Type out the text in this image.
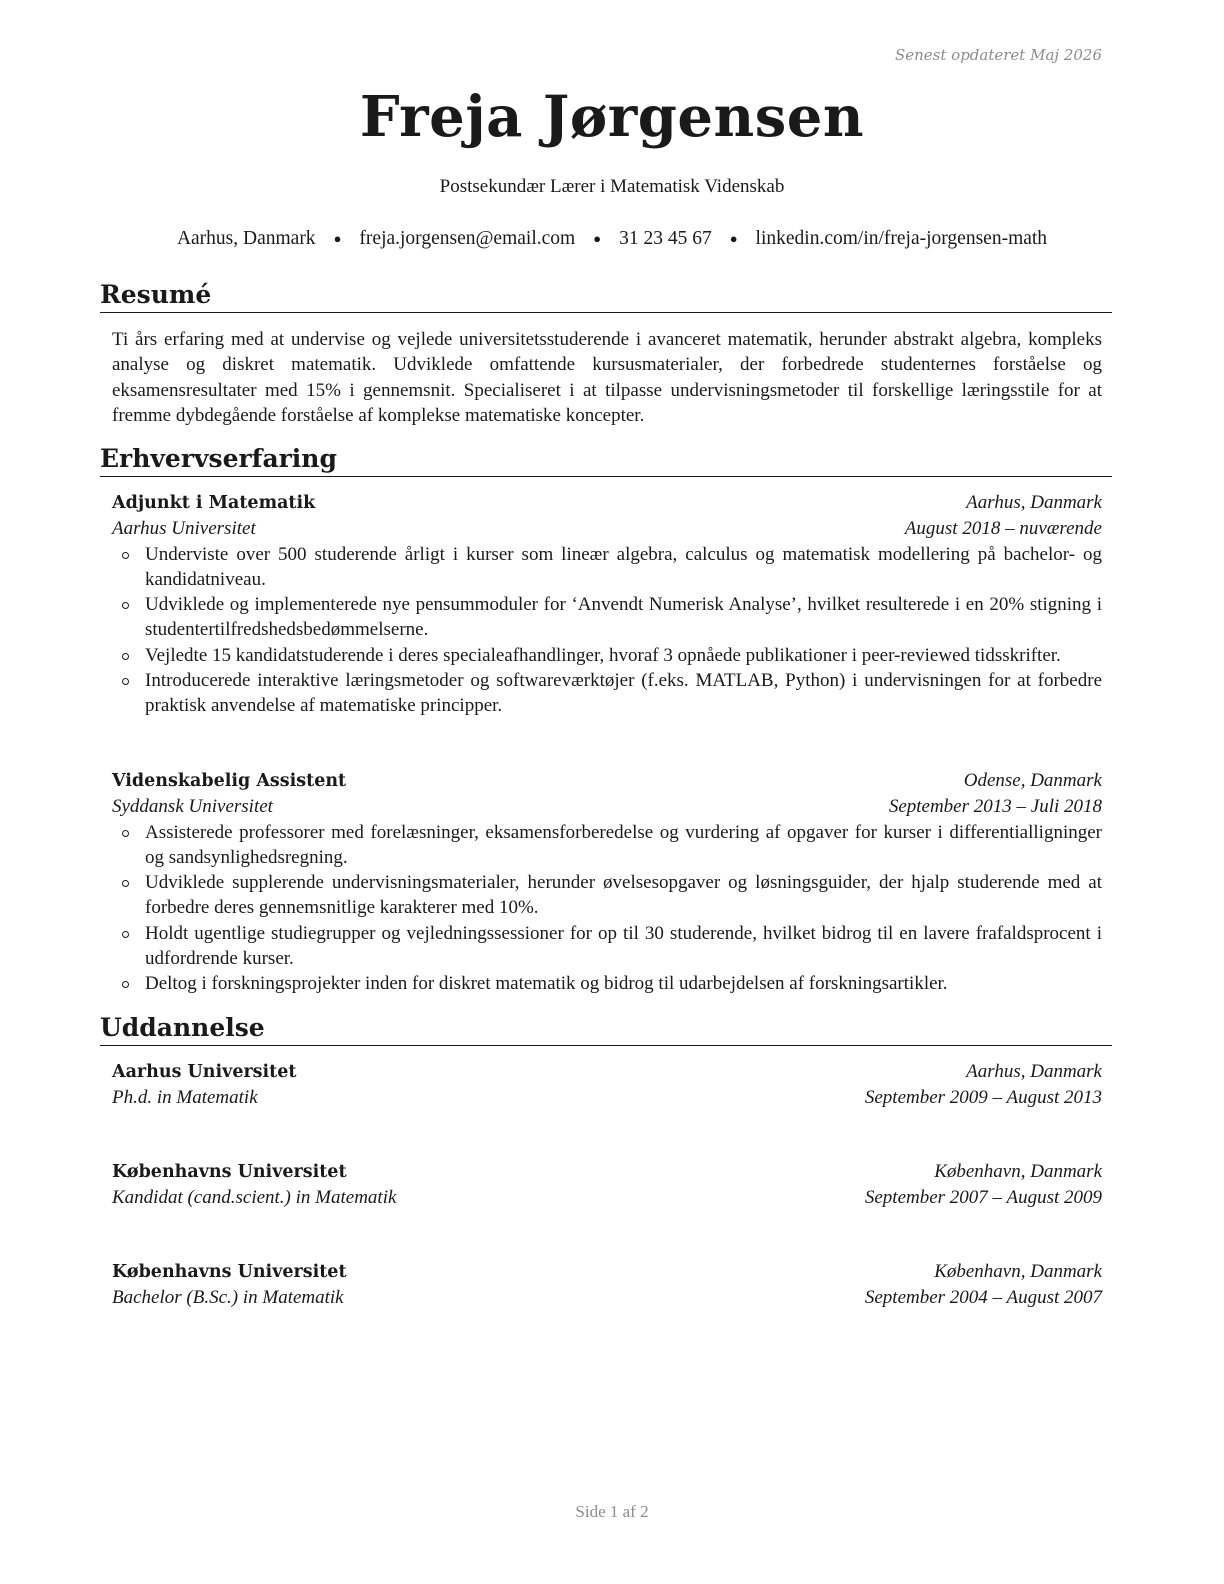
Senest opdateret Maj 2026
Freja Jørgensen
Postsekundær Lærer i Matematisk Videnskab
Aarhus, Danmark ● freja.jorgensen@email.com ● 31 23 45 67 ● linkedin.com/in/freja-jorgensen-math
Resumé
Ti års erfaring med at undervise og vejlede universitetsstuderende i avanceret matematik, herunder abstrakt algebra, kompleks analyse og diskret matematik. Udviklede omfattende kursusmaterialer, der forbedrede studenternes forståelse og eksamensresultater med 15% i gennemsnit. Specialiseret i at tilpasse undervisningsmetoder til forskellige læringsstile for at fremme dybdegående forståelse af komplekse matematiske koncepter.
Erhvervserfaring
Adjunkt i Matematik	Aarhus, Danmark
Aarhus Universitet	August 2018 – nuværende
Underviste over 500 studerende årligt i kurser som lineær algebra, calculus og matematisk modellering på bachelor- og kandidatniveau.
Udviklede og implementerede nye pensummoduler for ‘Anvendt Numerisk Analyse’, hvilket resulterede i en 20% stigning i studentertilfredshedsbedømmelserne.
Vejledte 15 kandidatstuderende i deres specialeafhandlinger, hvoraf 3 opnåede publikationer i peer-reviewed tidsskrifter.
Introducerede interaktive læringsmetoder og softwareværktøjer (f.eks. MATLAB, Python) i undervisningen for at forbedre praktisk anvendelse af matematiske principper.
Videnskabelig Assistent	Odense, Danmark
Syddansk Universitet	September 2013 – Juli 2018
Assisterede professorer med forelæsninger, eksamensforberedelse og vurdering af opgaver for kurser i differentialligninger og sandsynlighedsregning.
Udviklede supplerende undervisningsmaterialer, herunder øvelsesopgaver og løsningsguider, der hjalp studerende med at forbedre deres gennemsnitlige karakterer med 10%.
Holdt ugentlige studiegrupper og vejledningssessioner for op til 30 studerende, hvilket bidrog til en lavere frafaldsprocent i udfordrende kurser.
Deltog i forskningsprojekter inden for diskret matematik og bidrog til udarbejdelsen af forskningsartikler.
Uddannelse
Aarhus Universitet	Aarhus, Danmark
Ph.d. in Matematik	September 2009 – August 2013
Københavns Universitet	København, Danmark
Kandidat (cand.scient.) in Matematik	September 2007 – August 2009
Københavns Universitet	København, Danmark
Bachelor (B.Sc.) in Matematik	September 2004 – August 2007
Side 1 af 2
